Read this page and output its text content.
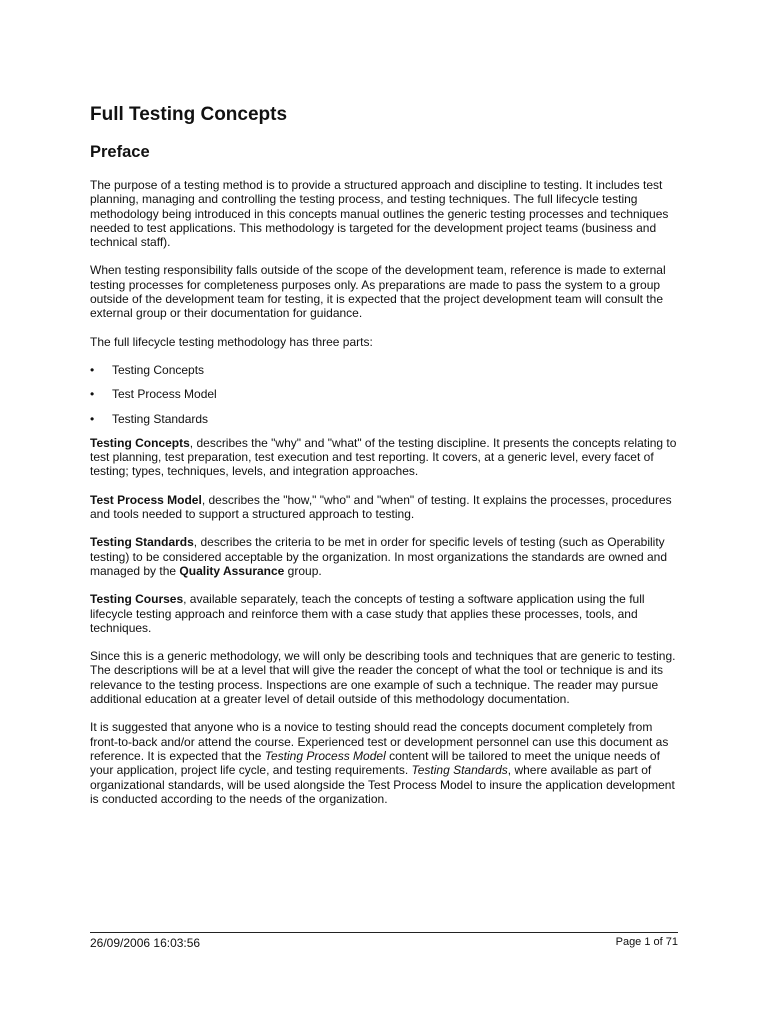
Full Testing Concepts
Preface

The purpose of a testing method is to provide a structured approach and discipline to testing. It includes test planning, managing and controlling the testing process, and testing techniques. The full lifecycle testing methodology being introduced in this concepts manual outlines the generic testing processes and techniques needed to test applications. This methodology is targeted for the development project teams (business and technical staff).

When testing responsibility falls outside of the scope of the development team, reference is made to external testing processes for completeness purposes only. As preparations are made to pass the system to a group outside of the development team for testing, it is expected that the project development team will consult the external group or their documentation for guidance.

The full lifecycle testing methodology has three parts:

• Testing Concepts
• Test Process Model
• Testing Standards

Testing Concepts, describes the "why" and "what" of the testing discipline. It presents the concepts relating to test planning, test preparation, test execution and test reporting. It covers, at a generic level, every facet of testing; types, techniques, levels, and integration approaches.

Test Process Model, describes the "how," "who" and "when" of testing. It explains the processes, procedures and tools needed to support a structured approach to testing.

Testing Standards, describes the criteria to be met in order for specific levels of testing (such as Operability testing) to be considered acceptable by the organization. In most organizations the standards are owned and managed by the Quality Assurance group.

Testing Courses, available separately, teach the concepts of testing a software application using the full lifecycle testing approach and reinforce them with a case study that applies these processes, tools, and techniques.

Since this is a generic methodology, we will only be describing tools and techniques that are generic to testing. The descriptions will be at a level that will give the reader the concept of what the tool or technique is and its relevance to the testing process. Inspections are one example of such a technique. The reader may pursue additional education at a greater level of detail outside of this methodology documentation.

It is suggested that anyone who is a novice to testing should read the concepts document completely from front-to-back and/or attend the course. Experienced test or development personnel can use this document as reference. It is expected that the Testing Process Model content will be tailored to meet the unique needs of your application, project life cycle, and testing requirements. Testing Standards, where available as part of organizational standards, will be used alongside the Test Process Model to insure the application development is conducted according to the needs of the organization.

26/09/2006 16:03:56	Page 1 of 71
